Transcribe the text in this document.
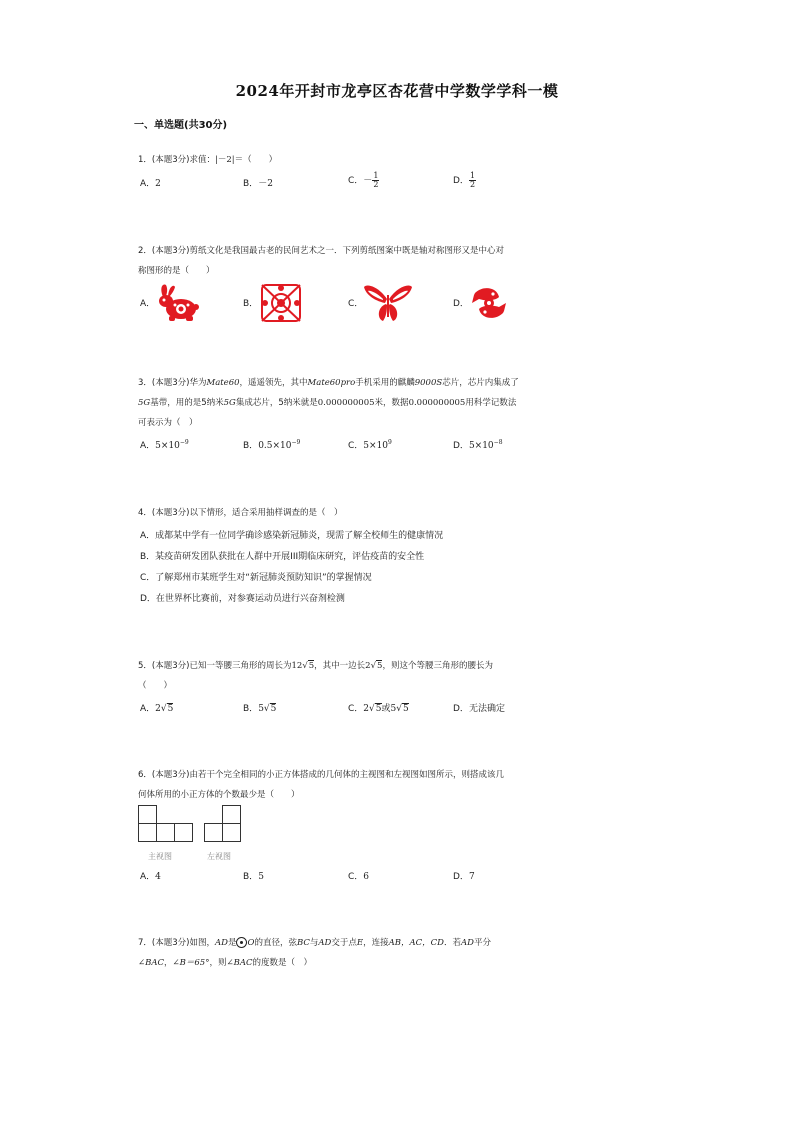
2024年开封市龙亭区杏花营中学数学学科一模
一、单选题(共30分)
1．(本题3分)求值：|－2|＝（　　）
A．2	B．－2	C．－ $\frac{1}{2}$	D． $\frac{1}{2}$
2．(本题3分)剪纸文化是我国最古老的民间艺术之一．下列剪纸图案中既是轴对称图形又是中心对
称图形的是（　　）
A．	B．	C．	D．
3．(本题3分)华为Mate60，遥遥领先，其中Mate60pro手机采用的麒麟9000S芯片，芯片内集成了
5G基带，用的是5纳米5G集成芯片，5纳米就是0.000000005米，数据0.000000005用科学记数法
可表示为（　）
A．$5\times 10^{-9}$	B．$0.5\times 10^{-9}$	C．$5\times 10^9$	D．$5\times 10^{-8}$
4．(本题3分)以下情形，适合采用抽样调查的是（　）
A．成都某中学有一位同学确诊感染新冠肺炎，现需了解全校师生的健康情况
B．某疫苗研发团队获批在人群中开展III期临床研究，评估疫苗的安全性
C．了解郑州市某班学生对“新冠肺炎预防知识”的掌握情况
D．在世界杯比赛前，对参赛运动员进行兴奋剂检测
5．(本题3分)已知一等腰三角形的周长为12√5，其中一边长2√5，则这个等腰三角形的腰长为
（　　）
A．2√5	B．5√5	C．2√5或5√5	D．无法确定
6．(本题3分)由若干个完全相同的小正方体搭成的几何体的主视图和左视图如图所示，则搭成该几
何体所用的小正方体的个数最少是（　　）
主视图	左视图
A．4	B．5	C．6	D．7
7．(本题3分)如图，AD是 O的直径，弦BC与AD交于点E，连接AB，AC，CD．若AD平分
∠BAC，∠B＝65°，则∠BAC的度数是（　）
